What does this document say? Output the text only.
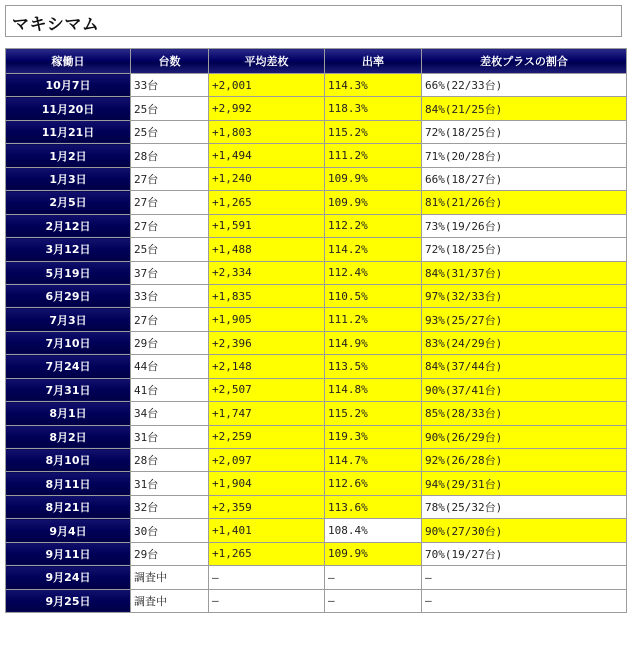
マキシマム
稼働日	台数	平均差枚	出率	差枚プラスの割合
10月7日	33台	+2,001	114.3%	66%(22/33台)
11月20日	25台	+2,992	118.3%	84%(21/25台)
11月21日	25台	+1,803	115.2%	72%(18/25台)
1月2日	28台	+1,494	111.2%	71%(20/28台)
1月3日	27台	+1,240	109.9%	66%(18/27台)
2月5日	27台	+1,265	109.9%	81%(21/26台)
2月12日	27台	+1,591	112.2%	73%(19/26台)
3月12日	25台	+1,488	114.2%	72%(18/25台)
5月19日	37台	+2,334	112.4%	84%(31/37台)
6月29日	33台	+1,835	110.5%	97%(32/33台)
7月3日	27台	+1,905	111.2%	93%(25/27台)
7月10日	29台	+2,396	114.9%	83%(24/29台)
7月24日	44台	+2,148	113.5%	84%(37/44台)
7月31日	41台	+2,507	114.8%	90%(37/41台)
8月1日	34台	+1,747	115.2%	85%(28/33台)
8月2日	31台	+2,259	119.3%	90%(26/29台)
8月10日	28台	+2,097	114.7%	92%(26/28台)
8月11日	31台	+1,904	112.6%	94%(29/31台)
8月21日	32台	+2,359	113.6%	78%(25/32台)
9月4日	30台	+1,401	108.4%	90%(27/30台)
9月11日	29台	+1,265	109.9%	70%(19/27台)
9月24日	調査中	–	–	–
9月25日	調査中	–	–	–
